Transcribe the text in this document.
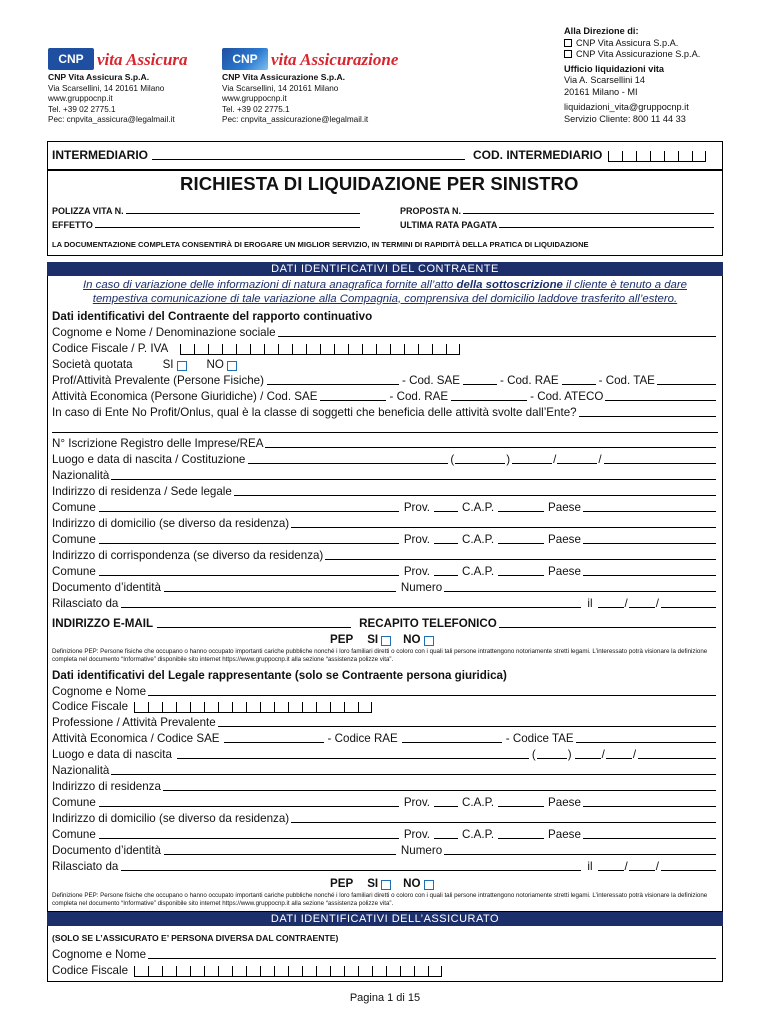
CNP vita Assicura	CNP vita Assicurazione
CNP Vita Assicura S.p.A.
Via Scarsellini, 14 20161 Milano
www.gruppocnp.it
Tel. +39 02 2775.1
Pec: cnpvita_assicura@legalmail.it
CNP Vita Assicurazione S.p.A.
Via Scarsellini, 14 20161 Milano
www.gruppocnp.it
Tel. +39 02 2775.1
Pec: cnpvita_assicurazione@legalmail.it
Alla Direzione di:
CNP Vita Assicura S.p.A.
CNP Vita Assicurazione S.p.A.
Ufficio liquidazioni vita
Via A. Scarsellini 14
20161 Milano - MI
liquidazioni_vita@gruppocnp.it
Servizio Cliente: 800 11 44 33
INTERMEDIARIO	COD. INTERMEDIARIO
RICHIESTA DI LIQUIDAZIONE PER SINISTRO
POLIZZA VITA N.
EFFETTO
PROPOSTA N.
ULTIMA RATA PAGATA
LA DOCUMENTAZIONE COMPLETA CONSENTIRÀ DI EROGARE UN MIGLIOR SERVIZIO, IN TERMINI DI RAPIDITÀ DELLA PRATICA DI LIQUIDAZIONE
DATI IDENTIFICATIVI DEL CONTRAENTE
In caso di variazione delle informazioni di natura anagrafica fornite all’atto della sottoscrizione il cliente è tenuto a dare
tempestiva comunicazione di tale variazione alla Compagnia, comprensiva del domicilio laddove trasferito all’estero.
Dati identificativi del Contraente del rapporto continuativo
Cognome e Nome / Denominazione sociale
Codice Fiscale / P. IVA
Società quotata	SI	NO
Prof/Attività Prevalente (Persone Fisiche)	- Cod. SAE	- Cod. RAE	- Cod. TAE
Attività Economica (Persone Giuridiche) / Cod. SAE	- Cod. RAE	- Cod. ATECO
In caso di Ente No Profit/Onlus, qual è la classe di soggetti che beneficia delle attività svolte dall’Ente?
N° Iscrizione Registro delle Imprese/REA
Luogo e data di nascita / Costituzione	(	)	/	/
Nazionalità
Indirizzo di residenza / Sede legale
Comune	Prov.	C.A.P.	Paese
Indirizzo di domicilio (se diverso da residenza)
Comune	Prov.	C.A.P.	Paese
Indirizzo di corrispondenza (se diverso da residenza)
Comune	Prov.	C.A.P.	Paese
Documento d’identità	Numero
Rilasciato da	il	/ /
INDIRIZZO E-MAIL	RECAPITO TELEFONICO
PEP SI NO
Definizione PEP: Persone fisiche che occupano o hanno occupato importanti cariche pubbliche nonché i loro familiari diretti o coloro con i quali tali persone intrattengono notoriamente stretti legami. L’interessato potrà visionare la definizione completa nel documento “Informative” disponibile sito internet https://www.gruppocnp.it alla sezione “assistenza polizze vita”.
Dati identificativi del Legale rappresentante (solo se Contraente persona giuridica)
Cognome e Nome
Codice Fiscale
Professione / Attività Prevalente
Attività Economica / Codice SAE	- Codice RAE	- Codice TAE
Luogo e data di nascita	(	)	/ /
Nazionalità
Indirizzo di residenza
Comune	Prov.	C.A.P.	Paese
Indirizzo di domicilio (se diverso da residenza)
Comune	Prov.	C.A.P.	Paese
Documento d’identità	Numero
Rilasciato da	il	/ /
PEP SI NO
Definizione PEP: Persone fisiche che occupano o hanno occupato importanti cariche pubbliche nonché i loro familiari diretti o coloro con i quali tali persone intrattengono notoriamente stretti legami. L’interessato potrà visionare la definizione completa nel documento “Informative” disponibile sito internet https://www.gruppocnp.it alla sezione “assistenza polizze vita”.
DATI IDENTIFICATIVI DELL’ASSICURATO
(SOLO SE L’ASSICURATO E’ PERSONA DIVERSA DAL CONTRAENTE)
Cognome e Nome
Codice Fiscale
Pagina 1 di 15
